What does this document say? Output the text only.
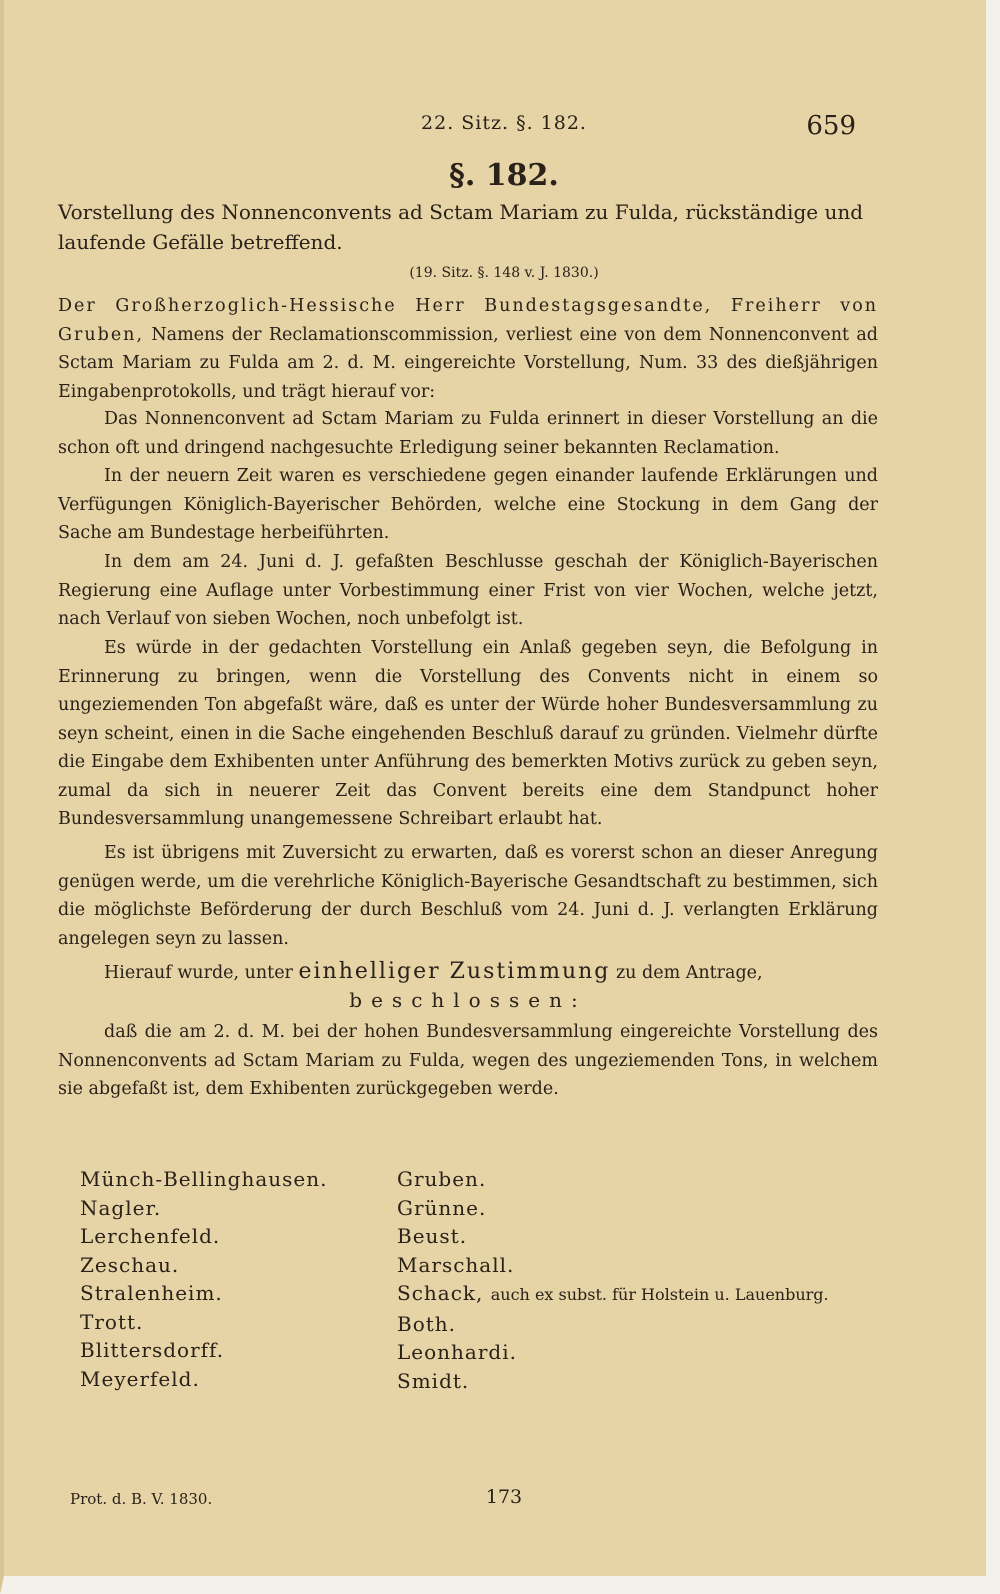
22. Sitz. §. 182.	659
§. 182.
Vorstellung des Nonnenconvents ad Sctam Mariam zu Fulda, rückständige und laufende Gefälle betreffend.
(19. Sitz. §. 148 v. J. 1830.)
Der Großherzoglich-Hessische Herr Bundestagsgesandte, Freiherr von Gruben, Namens der Reclamationscommission, verliest eine von dem Nonnenconvent ad Sctam Mariam zu Fulda am 2. d. M. eingereichte Vorstellung, Num. 33 des dießjährigen Eingabenprotokolls, und trägt hierauf vor:
Das Nonnenconvent ad Sctam Mariam zu Fulda erinnert in dieser Vorstellung an die schon oft und dringend nachgesuchte Erledigung seiner bekannten Reclamation.
In der neuern Zeit waren es verschiedene gegen einander laufende Erklärungen und Verfügungen Königlich-Bayerischer Behörden, welche eine Stockung in dem Gang der Sache am Bundestage herbeiführten.
In dem am 24. Juni d. J. gefaßten Beschlusse geschah der Königlich-Bayerischen Regierung eine Auflage unter Vorbestimmung einer Frist von vier Wochen, welche jetzt, nach Verlauf von sieben Wochen, noch unbefolgt ist.
Es würde in der gedachten Vorstellung ein Anlaß gegeben seyn, die Befolgung in Erinnerung zu bringen, wenn die Vorstellung des Convents nicht in einem so ungeziemenden Ton abgefaßt wäre, daß es unter der Würde hoher Bundesversammlung zu seyn scheint, einen in die Sache eingehenden Beschluß darauf zu gründen. Vielmehr dürfte die Eingabe dem Exhibenten unter Anführung des bemerkten Motivs zurück zu geben seyn, zumal da sich in neuerer Zeit das Convent bereits eine dem Standpunct hoher Bundesversammlung unangemessene Schreibart erlaubt hat.
Es ist übrigens mit Zuversicht zu erwarten, daß es vorerst schon an dieser Anregung genügen werde, um die verehrliche Königlich-Bayerische Gesandtschaft zu bestimmen, sich die möglichste Beförderung der durch Beschluß vom 24. Juni d. J. verlangten Erklärung angelegen seyn zu lassen.
Hierauf wurde, unter einhelliger Zustimmung zu dem Antrage,
beschlossen:
daß die am 2. d. M. bei der hohen Bundesversammlung eingereichte Vorstellung des Nonnenconvents ad Sctam Mariam zu Fulda, wegen des ungeziemenden Tons, in welchem sie abgefaßt ist, dem Exhibenten zurückgegeben werde.
Münch-Bellinghausen.
Nagler.
Lerchenfeld.
Zeschau.
Stralenheim.
Trott.
Blittersdorff.
Meyerfeld.
Gruben.
Grünne.
Beust.
Marschall.
Schack, auch ex subst. für Holstein u. Lauenburg.
Both.
Leonhardi.
Smidt.
Prot. d. B. V. 1830.	173
